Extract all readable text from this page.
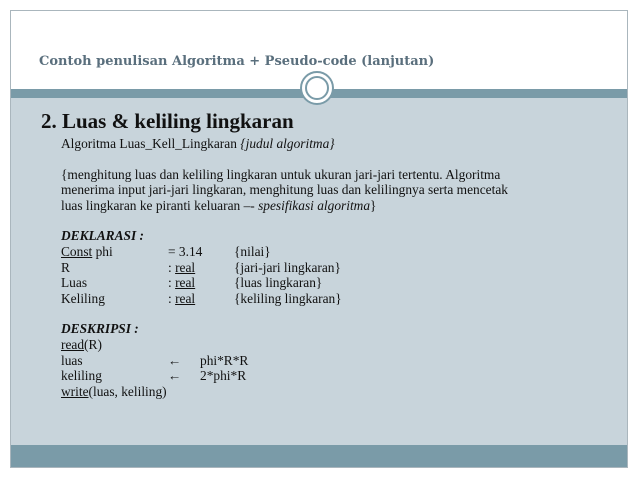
Contoh penulisan Algoritma + Pseudo-code (lanjutan)
2. Luas & keliling lingkaran
Algoritma Luas_Kell_Lingkaran {judul algoritma}
{menghitung luas dan keliling lingkaran untuk ukuran jari-jari tertentu. Algoritma
menerima input jari-jari lingkaran, menghitung luas dan kelilingnya serta mencetak
luas lingkaran ke piranti keluaran –- spesifikasi algoritma}
DEKLARASI :
Const phi	= 3.14	{nilai}
R	: real	{jari-jari lingkaran}
Luas	: real	{luas lingkaran}
Keliling	: real	{keliling lingkaran}
DESKRIPSI :
read(R)
luas	←	phi*R*R
keliling	←	2*phi*R
write(luas, keliling)
